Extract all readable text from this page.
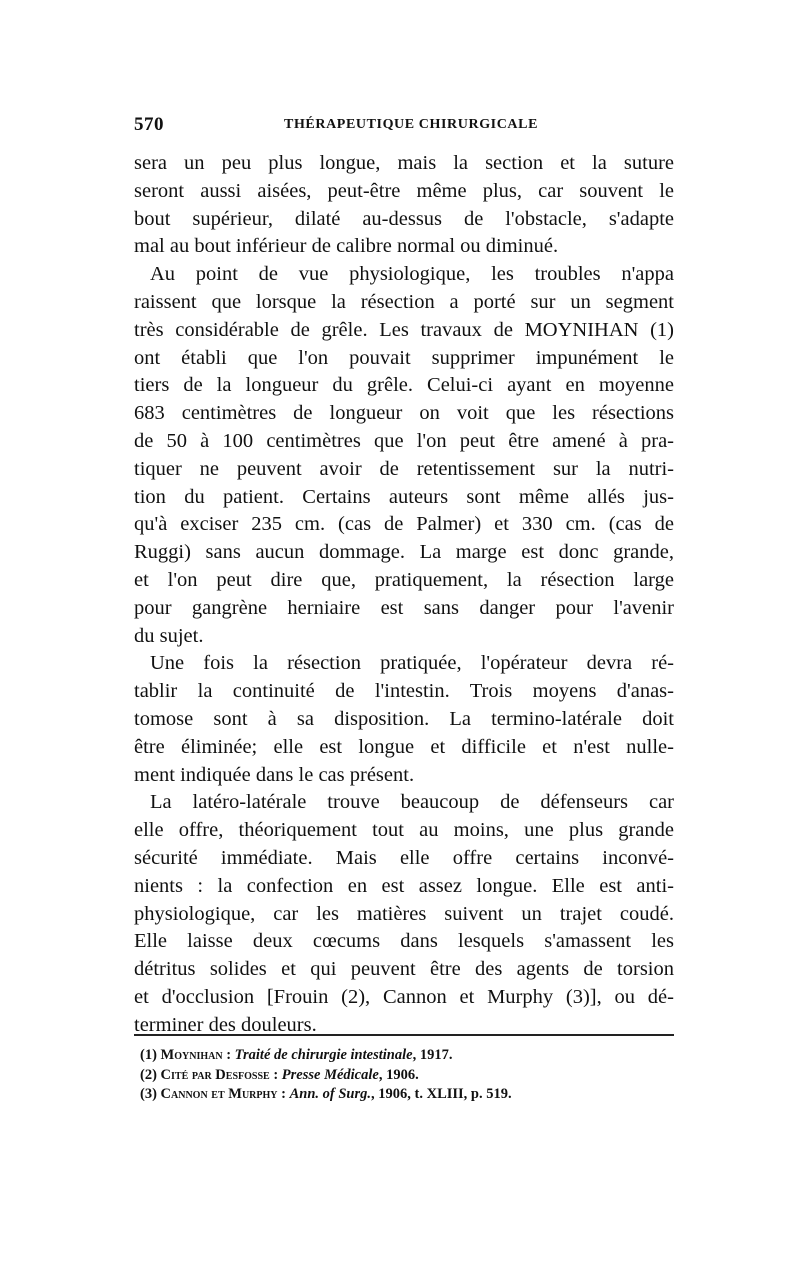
570	THÉRAPEUTIQUE CHIRURGICALE

sera un peu plus longue, mais la section et la suture
seront aussi aisées, peut-être même plus, car souvent le
bout supérieur, dilaté au-dessus de l'obstacle, s'adapte
mal au bout inférieur de calibre normal ou diminué.

Au point de vue physiologique, les troubles n'appa
raissent que lorsque la résection a porté sur un segment
très considérable de grêle. Les travaux de MOYNIHAN (1)
ont établi que l'on pouvait supprimer impunément le
tiers de la longueur du grêle. Celui-ci ayant en moyenne
683 centimètres de longueur on voit que les résections
de 50 à 100 centimètres que l'on peut être amené à pra-
tiquer ne peuvent avoir de retentissement sur la nutri-
tion du patient. Certains auteurs sont même allés jus-
qu'à exciser 235 cm. (cas de Palmer) et 330 cm. (cas de
Ruggi) sans aucun dommage. La marge est donc grande,
et l'on peut dire que, pratiquement, la résection large
pour gangrène herniaire est sans danger pour l'avenir
du sujet.

Une fois la résection pratiquée, l'opérateur devra ré-
tablir la continuité de l'intestin. Trois moyens d'anas-
tomose sont à sa disposition. La termino-latérale doit
être éliminée; elle est longue et difficile et n'est nulle-
ment indiquée dans le cas présent.

La latéro-latérale trouve beaucoup de défenseurs car
elle offre, théoriquement tout au moins, une plus grande
sécurité immédiate. Mais elle offre certains inconvé-
nients : la confection en est assez longue. Elle est anti-
physiologique, car les matières suivent un trajet coudé.
Elle laisse deux cœcums dans lesquels s'amassent les
détritus solides et qui peuvent être des agents de torsion
et d'occlusion [Frouin (2), Cannon et Murphy (3)], ou dé-
terminer des douleurs.

(1) Moynihan : Traité de chirurgie intestinale, 1917.
(2) Cité par Desfosse : Presse Médicale, 1906.
(3) Cannon et Murphy : Ann. of Surg., 1906, t. XLIII, p. 519.
